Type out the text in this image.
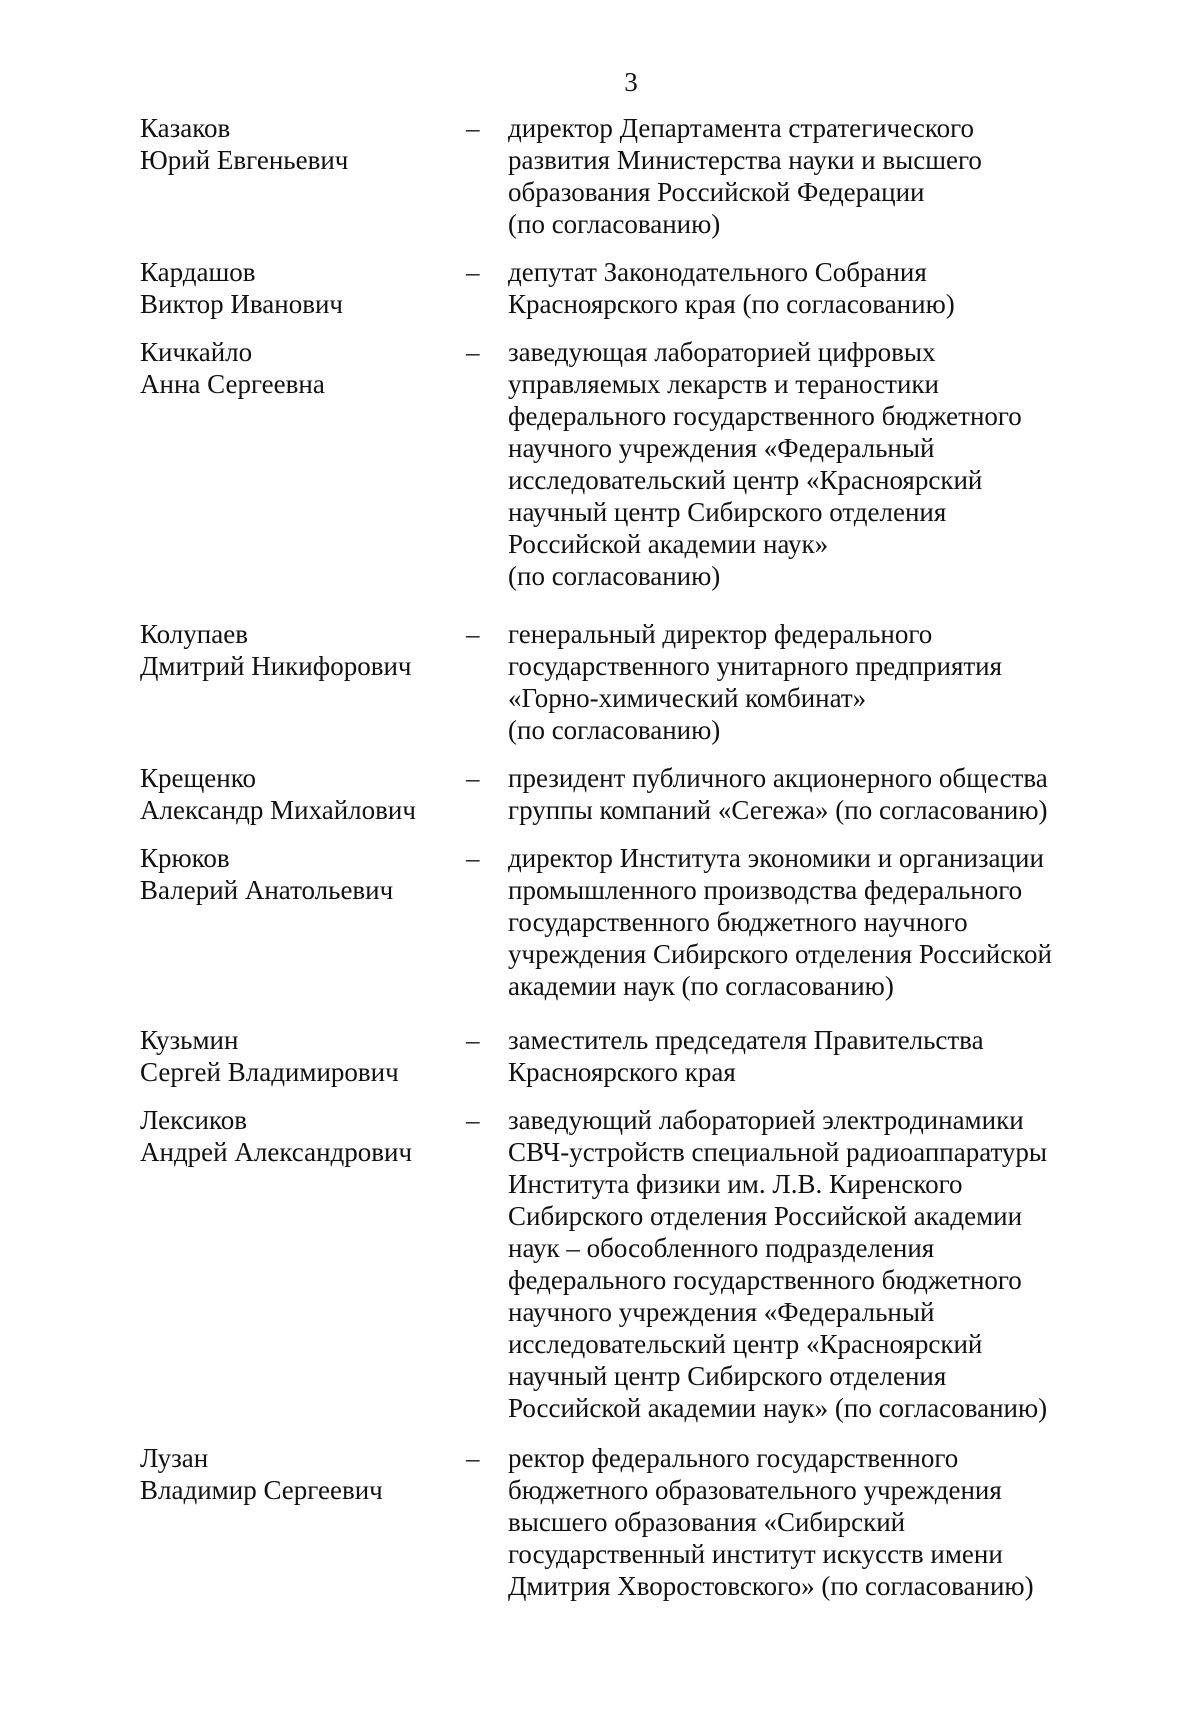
3
Казаков
Юрий Евгеньевич
–	директор Департамента стратегического
развития Министерства науки и высшего
образования Российской Федерации
(по согласованию)
Кардашов
Виктор Иванович
–	депутат Законодательного Собрания
Красноярского края (по согласованию)
Кичкайло
Анна Сергеевна
–	заведующая лабораторией цифровых
управляемых лекарств и тераностики
федерального государственного бюджетного
научного учреждения «Федеральный
исследовательский центр «Красноярский
научный центр Сибирского отделения
Российской академии наук»
(по согласованию)
Колупаев
Дмитрий Никифорович
–	генеральный директор федерального
государственного унитарного предприятия
«Горно-химический комбинат»
(по согласованию)
Крещенко
Александр Михайлович
–	президент публичного акционерного общества
группы компаний «Сегежа» (по согласованию)
Крюков
Валерий Анатольевич
–	директор Института экономики и организации
промышленного производства федерального
государственного бюджетного научного
учреждения Сибирского отделения Российской
академии наук (по согласованию)
Кузьмин
Сергей Владимирович
–	заместитель председателя Правительства
Красноярского края
Лексиков
Андрей Александрович
–	заведующий лабораторией электродинамики
СВЧ-устройств специальной радиоаппаратуры
Института физики им. Л.В. Киренского
Сибирского отделения Российской академии
наук – обособленного подразделения
федерального государственного бюджетного
научного учреждения «Федеральный
исследовательский центр «Красноярский
научный центр Сибирского отделения
Российской академии наук» (по согласованию)
Лузан
Владимир Сергеевич
–	ректор федерального государственного
бюджетного образовательного учреждения
высшего образования «Сибирский
государственный институт искусств имени
Дмитрия Хворостовского» (по согласованию)
